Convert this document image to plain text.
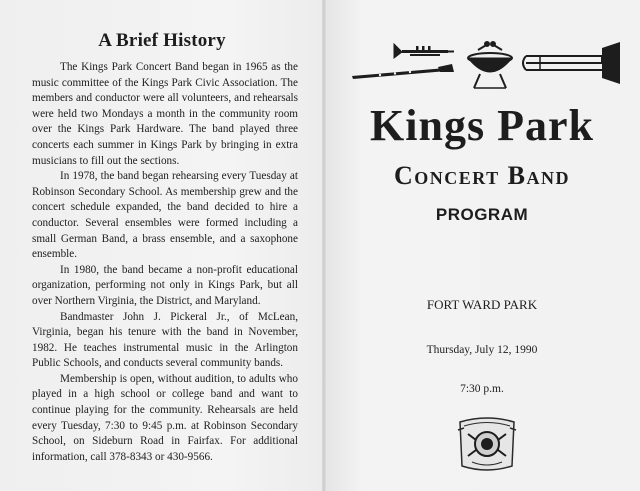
A Brief History

The Kings Park Concert Band began in 1965 as the music committee of the Kings Park Civic Association. The members and conductor were all volunteers, and rehearsals were held two Mondays a month in the community room over the Kings Park Hardware. The band played three concerts each summer in Kings Park by bringing in extra musicians to fill out the sections.

In 1978, the band began rehearsing every Tuesday at Robinson Secondary School. As membership grew and the concert schedule expanded, the band decided to hire a conductor. Several ensembles were formed including a small German Band, a brass ensemble, and a saxophone ensemble.

In 1980, the band became a non-profit educational organization, performing not only in Kings Park, but all over Northern Virginia, the District, and Maryland.

Bandmaster John J. Pickeral Jr., of McLean, Virginia, began his tenure with the band in November, 1982. He teaches instrumental music in the Arlington Public Schools, and conducts several community bands.

Membership is open, without audition, to adults who played in a high school or college band and want to continue playing for the community. Rehearsals are held every Tuesday, 7:30 to 9:45 p.m. at Robinson Secondary School, on Sideburn Road in Fairfax. For additional information, call 378-8343 or 430-9566.

Kings Park
Concert Band
PROGRAM

FORT WARD PARK

Thursday, July 12, 1990

7:30 p.m.
